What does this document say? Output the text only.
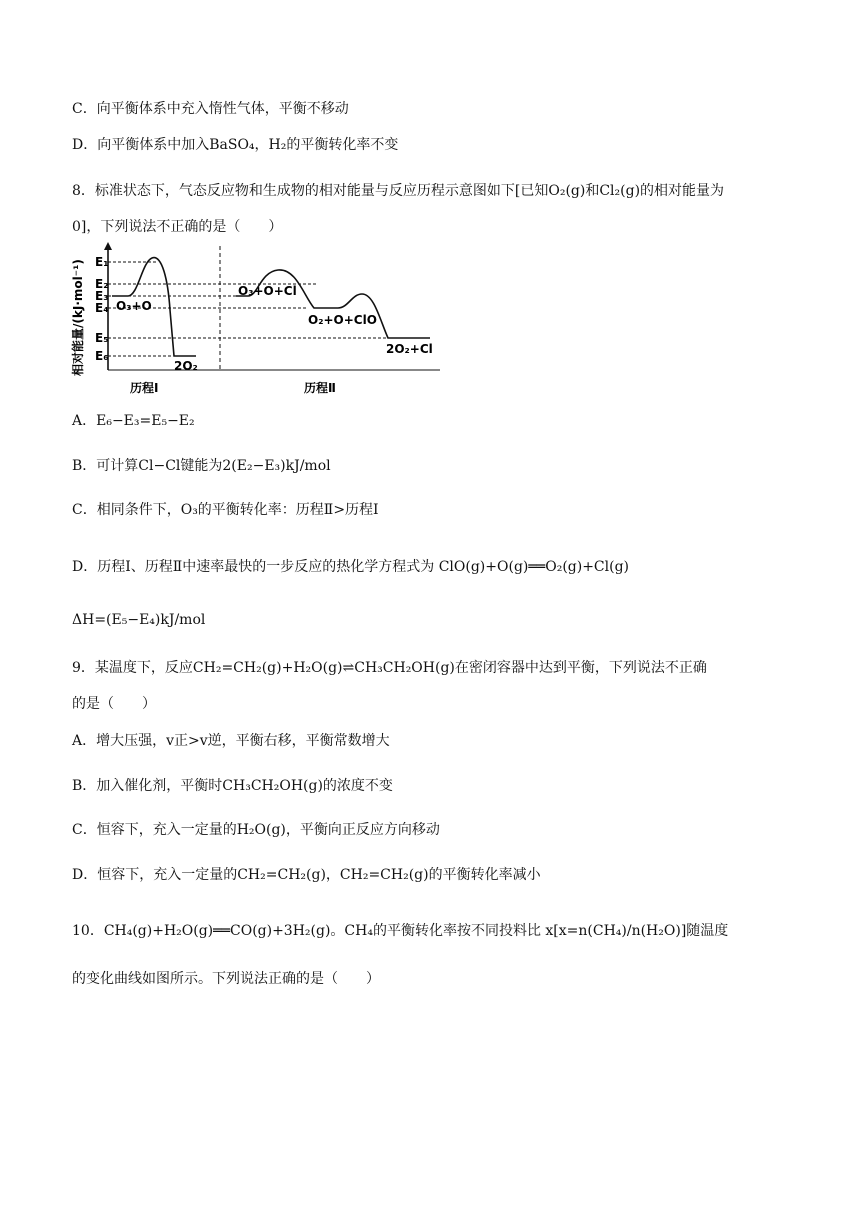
C．向平衡体系中充入惰性气体，平衡不移动
D．向平衡体系中加入BaSO₄，H₂的平衡转化率不变
8．标准状态下，气态反应物和生成物的相对能量与反应历程示意图如下[已知O₂(g)和Cl₂(g)的相对能量为
0]，下列说法不正确的是（　　）
A．E₆−E₃=E₅−E₂
B．可计算Cl−Cl键能为2(E₂−E₃)kJ/mol
C．相同条件下，O₃的平衡转化率：历程Ⅱ>历程Ⅰ
D．历程Ⅰ、历程Ⅱ中速率最快的一步反应的热化学方程式为 ClO(g)+O(g)══O₂(g)+Cl(g)
ΔH=(E₅−E₄)kJ/mol
9．某温度下，反应CH₂=CH₂(g)+H₂O(g)⇌CH₃CH₂OH(g)在密闭容器中达到平衡，下列说法不正确
的是（　　）
A．增大压强，v正>v逆，平衡右移，平衡常数增大
B．加入催化剂，平衡时CH₃CH₂OH(g)的浓度不变
C．恒容下，充入一定量的H₂O(g)，平衡向正反应方向移动
D．恒容下，充入一定量的CH₂=CH₂(g)，CH₂=CH₂(g)的平衡转化率减小
10．CH₄(g)+H₂O(g)══CO(g)+3H₂(g)。CH₄的平衡转化率按不同投料比 x[x=n(CH₄)/n(H₂O)]随温度
的变化曲线如图所示。下列说法正确的是（　　）
E₁
E₂
E₃
E₄
E₅
E₆
O₃+O
2O₂
O₃+O+Cl
O₂+O+ClO
2O₂+Cl
相对能量/(kJ·mol⁻¹)
历程Ⅰ	历程Ⅱ
